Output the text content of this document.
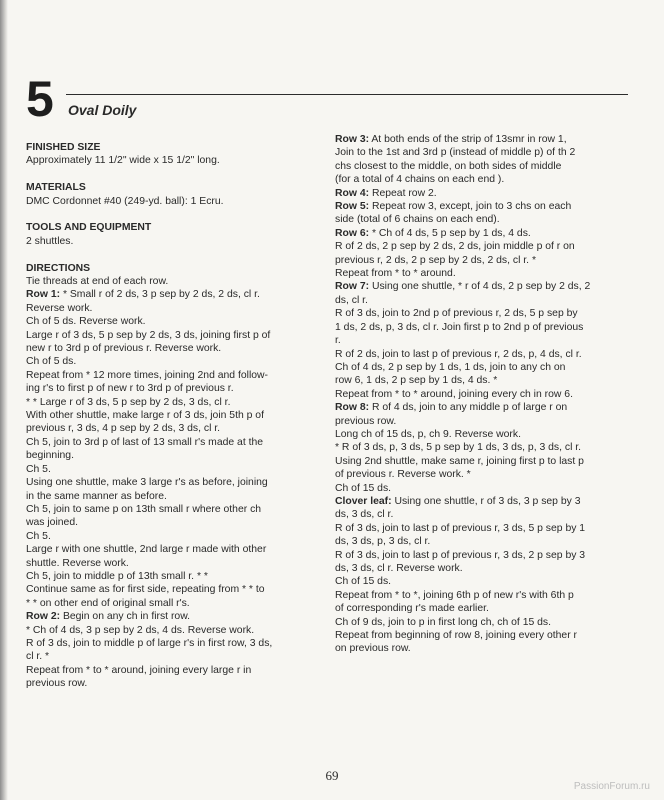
5 Oval Doily
FINISHED SIZE
Approximately 11 1/2" wide x 15 1/2" long.
MATERIALS
DMC Cordonnet #40 (249-yd. ball): 1 Ecru.
TOOLS AND EQUIPMENT
2 shuttles.
DIRECTIONS
Tie threads at end of each row.
Row 1: * Small r of 2 ds, 3 p sep by 2 ds, 2 ds, cl r.
Reverse work.
Ch of 5 ds. Reverse work.
Large r of 3 ds, 5 p sep by 2 ds, 3 ds, joining first p of
new r to 3rd p of previous r. Reverse work.
Ch of 5 ds.
Repeat from * 12 more times, joining 2nd and follow-
ing r's to first p of new r to 3rd p of previous r.
* * Large r of 3 ds, 5 p sep by 2 ds, 3 ds, cl r.
With other shuttle, make large r of 3 ds, join 5th p of
previous r, 3 ds, 4 p sep by 2 ds, 3 ds, cl r.
Ch 5, join to 3rd p of last of 13 small r's made at the
beginning.
Ch 5.
Using one shuttle, make 3 large r's as before, joining
in the same manner as before.
Ch 5, join to same p on 13th small r where other ch
was joined.
Ch 5.
Large r with one shuttle, 2nd large r made with other
shuttle. Reverse work.
Ch 5, join to middle p of 13th small r. * *
Continue same as for first side, repeating from * * to
* * on other end of original small r's.
Row 2: Begin on any ch in first row.
* Ch of 4 ds, 3 p sep by 2 ds, 4 ds. Reverse work.
R of 3 ds, join to middle p of large r's in first row, 3 ds,
cl r. *
Repeat from * to * around, joining every large r in
previous row.
Row 3: At both ends of the strip of 13smr in row 1,
Join to the 1st and 3rd p (instead of middle p) of th 2
chs closest to the middle, on both sides of middle
(for a total of 4 chains on each end ).
Row 4: Repeat row 2.
Row 5: Repeat row 3, except, join to 3 chs on each
side (total of 6 chains on each end).
Row 6: * Ch of 4 ds, 5 p sep by 1 ds, 4 ds.
R of 2 ds, 2 p sep by 2 ds, 2 ds, join middle p of r on
previous r, 2 ds, 2 p sep by 2 ds, 2 ds, cl r. *
Repeat from * to * around.
Row 7: Using one shuttle, * r of 4 ds, 2 p sep by 2 ds, 2
ds, cl r.
R of 3 ds, join to 2nd p of previous r, 2 ds, 5 p sep by
1 ds, 2 ds, p, 3 ds, cl r. Join first p to 2nd p of previous
r.
R of 2 ds, join to last p of previous r, 2 ds, p, 4 ds, cl r.
Ch of 4 ds, 2 p sep by 1 ds, 1 ds, join to any ch on
row 6, 1 ds, 2 p sep by 1 ds, 4 ds. *
Repeat from * to * around, joining every ch in row 6.
Row 8: R of 4 ds, join to any middle p of large r on
previous row.
Long ch of 15 ds, p, ch 9. Reverse work.
* R of 3 ds, p, 3 ds, 5 p sep by 1 ds, 3 ds, p, 3 ds, cl r.
Using 2nd shuttle, make same r, joining first p to last p
of previous r. Reverse work. *
Ch of 15 ds.
Clover leaf: Using one shuttle, r of 3 ds, 3 p sep by 3
ds, 3 ds, cl r.
R of 3 ds, join to last p of previous r, 3 ds, 5 p sep by 1
ds, 3 ds, p, 3 ds, cl r.
R of 3 ds, join to last p of previous r, 3 ds, 2 p sep by 3
ds, 3 ds, cl r. Reverse work.
Ch of 15 ds.
Repeat from * to *, joining 6th p of new r's with 6th p
of corresponding r's made earlier.
Ch of 9 ds, join to p in first long ch, ch of 15 ds.
Repeat from beginning of row 8, joining every other r
on previous row.
69
PassionForum.ru
